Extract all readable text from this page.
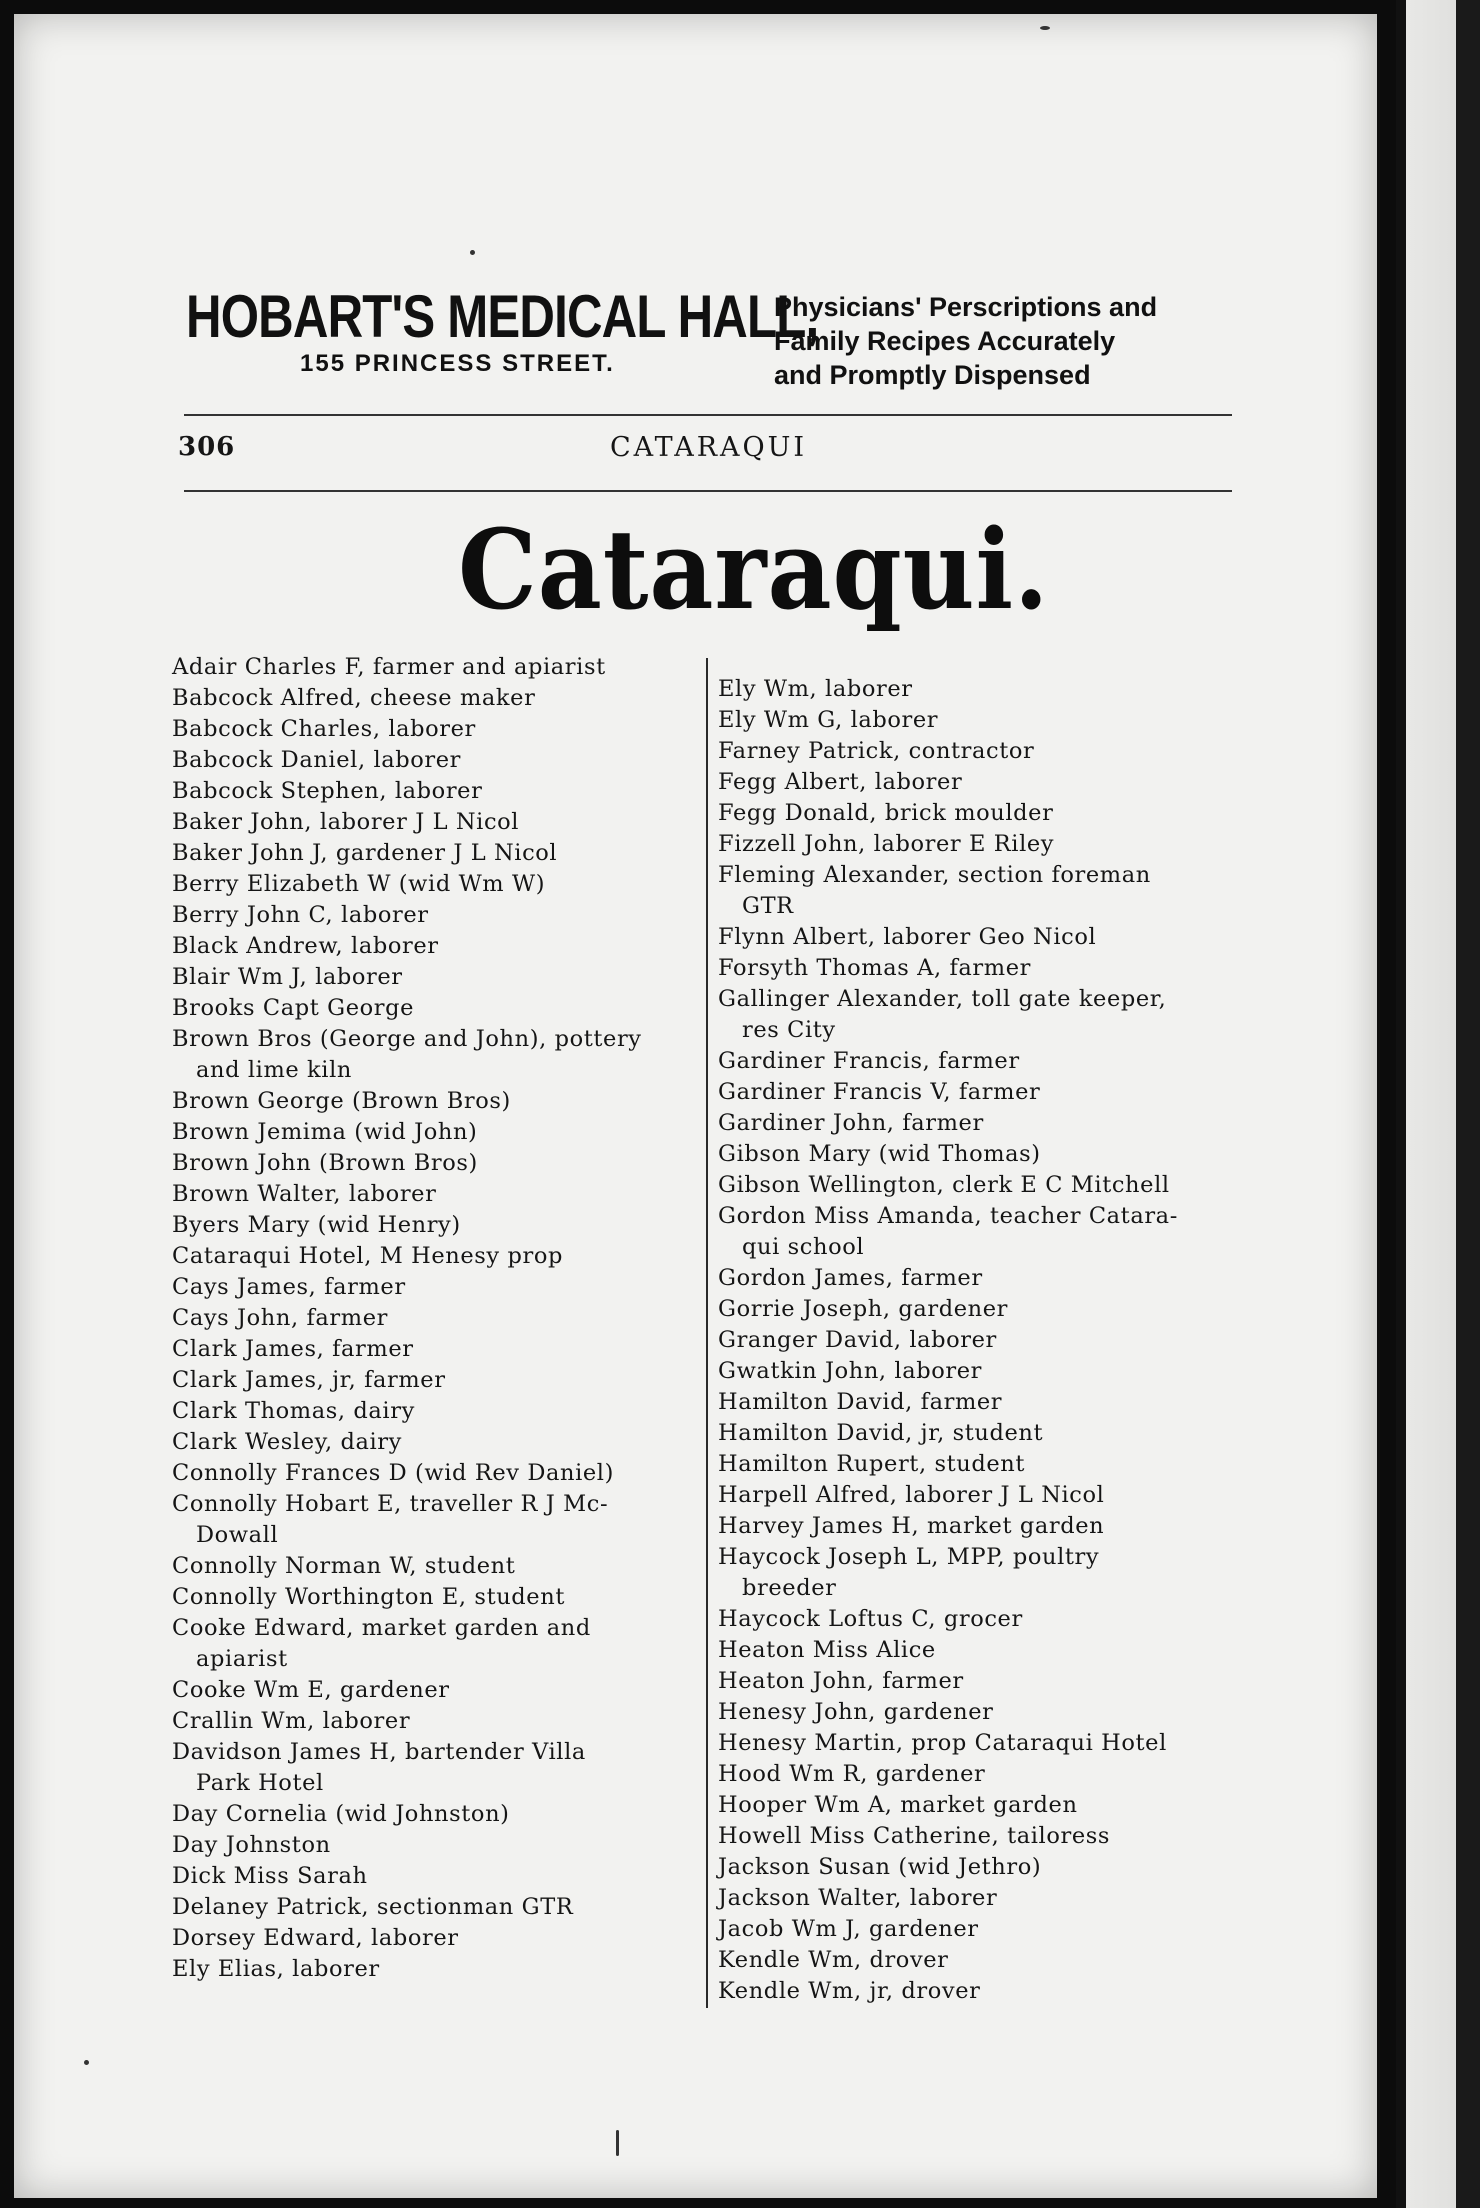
HOBART'S MEDICAL HALL,
155 PRINCESS STREET.
Physicians' Perscriptions and
Family Recipes Accurately
and Promptly Dispensed
306	CATARAQUI
Cataraqui.
Adair Charles F, farmer and apiarist
Babcock Alfred, cheese maker
Babcock Charles, laborer
Babcock Daniel, laborer
Babcock Stephen, laborer
Baker John, laborer J L Nicol
Baker John J, gardener J L Nicol
Berry Elizabeth W (wid Wm W)
Berry John C, laborer
Black Andrew, laborer
Blair Wm J, laborer
Brooks Capt George
Brown Bros (George and John), pottery
and lime kiln
Brown George (Brown Bros)
Brown Jemima (wid John)
Brown John (Brown Bros)
Brown Walter, laborer
Byers Mary (wid Henry)
Cataraqui Hotel, M Henesy prop
Cays James, farmer
Cays John, farmer
Clark James, farmer
Clark James, jr, farmer
Clark Thomas, dairy
Clark Wesley, dairy
Connolly Frances D (wid Rev Daniel)
Connolly Hobart E, traveller R J Mc-
Dowall
Connolly Norman W, student
Connolly Worthington E, student
Cooke Edward, market garden and
apiarist
Cooke Wm E, gardener
Crallin Wm, laborer
Davidson James H, bartender Villa
Park Hotel
Day Cornelia (wid Johnston)
Day Johnston
Dick Miss Sarah
Delaney Patrick, sectionman GTR
Dorsey Edward, laborer
Ely Elias, laborer
Ely Wm, laborer
Ely Wm G, laborer
Farney Patrick, contractor
Fegg Albert, laborer
Fegg Donald, brick moulder
Fizzell John, laborer E Riley
Fleming Alexander, section foreman
GTR
Flynn Albert, laborer Geo Nicol
Forsyth Thomas A, farmer
Gallinger Alexander, toll gate keeper,
res City
Gardiner Francis, farmer
Gardiner Francis V, farmer
Gardiner John, farmer
Gibson Mary (wid Thomas)
Gibson Wellington, clerk E C Mitchell
Gordon Miss Amanda, teacher Catara-
qui school
Gordon James, farmer
Gorrie Joseph, gardener
Granger David, laborer
Gwatkin John, laborer
Hamilton David, farmer
Hamilton David, jr, student
Hamilton Rupert, student
Harpell Alfred, laborer J L Nicol
Harvey James H, market garden
Haycock Joseph L, MPP, poultry
breeder
Haycock Loftus C, grocer
Heaton Miss Alice
Heaton John, farmer
Henesy John, gardener
Henesy Martin, prop Cataraqui Hotel
Hood Wm R, gardener
Hooper Wm A, market garden
Howell Miss Catherine, tailoress
Jackson Susan (wid Jethro)
Jackson Walter, laborer
Jacob Wm J, gardener
Kendle Wm, drover
Kendle Wm, jr, drover
